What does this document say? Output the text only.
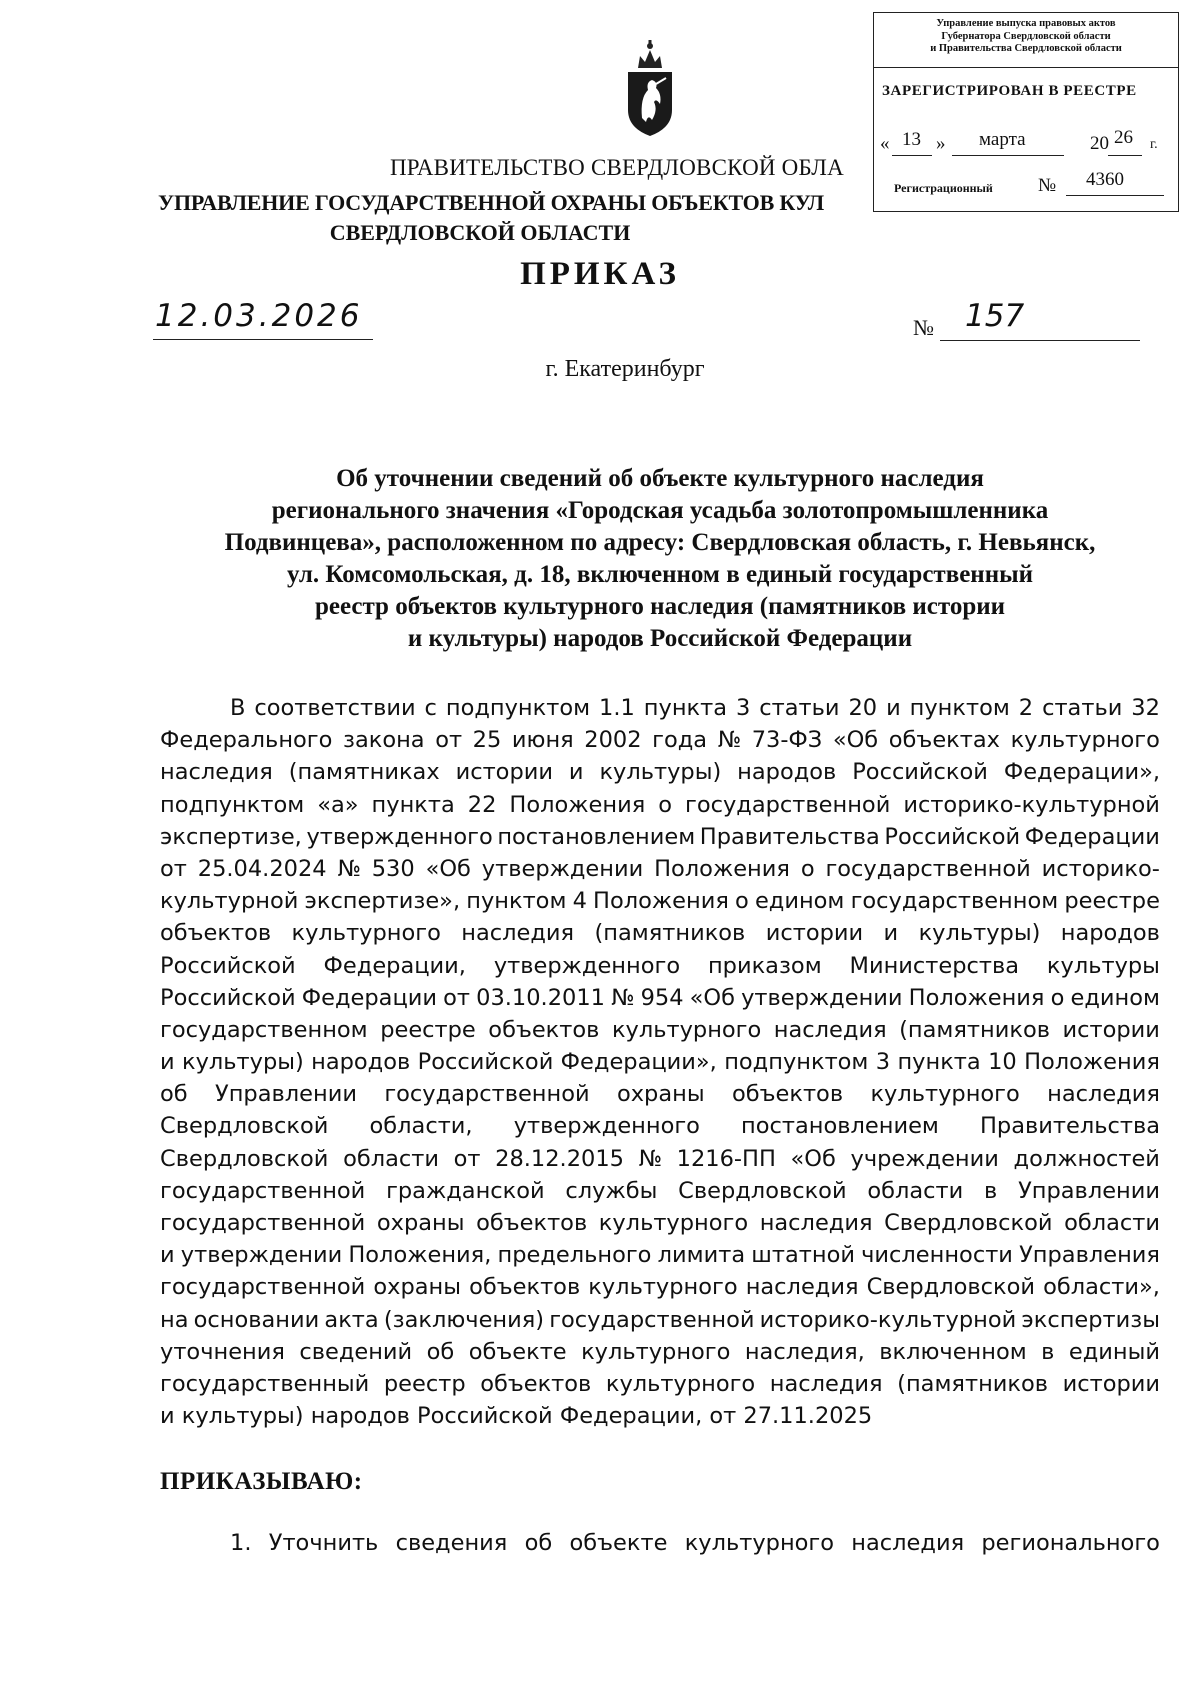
ПРАВИТЕЛЬСТВО СВЕРДЛОВСКОЙ ОБЛА
УПРАВЛЕНИЕ ГОСУДАРСТВЕННОЙ ОХРАНЫ ОБЪЕКТОВ КУЛ
СВЕРДЛОВСКОЙ ОБЛАСТИ
Управление выпуска правовых актов
Губернатора Свердловской области
и Правительства Свердловской области
ЗАРЕГИСТРИРОВАН В РЕЕСТРЕ
« 13 » марта	20 26 г.
Регистрационный № 4360
ПРИКАЗ
12.03.2026	№ 157
г. Екатеринбург
Об уточнении сведений об объекте культурного наследия
регионального значения «Городская усадьба золотопромышленника
Подвинцева», расположенном по адресу: Свердловская область, г. Невьянск,
ул. Комсомольская, д. 18, включенном в единый государственный
реестр объектов культурного наследия (памятников истории
и культуры) народов Российской Федерации
В соответствии с подпунктом 1.1 пункта 3 статьи 20 и пунктом 2 статьи 32
Федерального закона от 25 июня 2002 года № 73-ФЗ «Об объектах культурного
наследия (памятниках истории и культуры) народов Российской Федерации»,
подпунктом «а» пункта 22 Положения о государственной историко-культурной
экспертизе, утвержденного постановлением Правительства Российской Федерации
от 25.04.2024 № 530 «Об утверждении Положения о государственной историко-
культурной экспертизе», пунктом 4 Положения о едином государственном реестре
объектов культурного наследия (памятников истории и культуры) народов
Российской Федерации, утвержденного приказом Министерства культуры
Российской Федерации от 03.10.2011 № 954 «Об утверждении Положения о едином
государственном реестре объектов культурного наследия (памятников истории
и культуры) народов Российской Федерации», подпунктом 3 пункта 10 Положения
об Управлении государственной охраны объектов культурного наследия
Свердловской области, утвержденного постановлением Правительства
Свердловской области от 28.12.2015 № 1216-ПП «Об учреждении должностей
государственной гражданской службы Свердловской области в Управлении
государственной охраны объектов культурного наследия Свердловской области
и утверждении Положения, предельного лимита штатной численности Управления
государственной охраны объектов культурного наследия Свердловской области»,
на основании акта (заключения) государственной историко-культурной экспертизы
уточнения сведений об объекте культурного наследия, включенном в единый
государственный реестр объектов культурного наследия (памятников истории
и культуры) народов Российской Федерации, от 27.11.2025
ПРИКАЗЫВАЮ:
1. Уточнить сведения об объекте культурного наследия регионального
